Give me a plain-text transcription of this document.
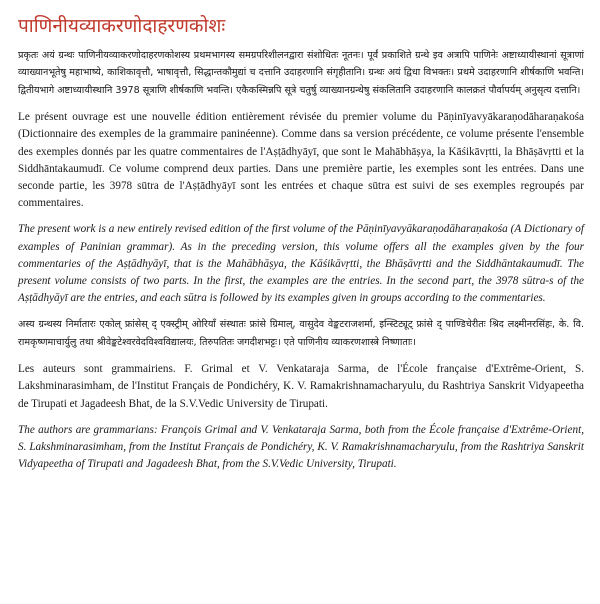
पाणिनीयव्याकरणोदाहरणकोशः

प्रकृतः अयं ग्रन्थः पाणिनीयव्याकरणोदाहरणकोशस्य प्रथमभागस्य समग्रपरिशीलनद्वारा संशोधितः नूतनः। पूर्वं प्रकाशिते ग्रन्थे इव अत्रापि पाणिनेः अष्टाध्यायीस्थानां सूत्राणां व्याख्यानभूतेषु महाभाष्ये, काशिकावृत्तौ, भाषावृत्तौ, सिद्धान्तकौमुद्यां च दत्तानि उदाहरणानि संगृहीतानि। ग्रन्थः अयं द्विधा विभक्तः। प्रथमे उदाहरणानि शीर्षकाणि भवन्ति। द्वितीयभागे अष्टाध्यायीस्थानि 3978 सूत्राणि शीर्षकाणि भवन्ति। एकैकस्मिन्नपि सूत्रे चतुर्षु व्याख्यानग्रन्थेषु संकलितानि उदाहरणानि कालक्रतं पौर्वापर्यम् अनुसृत्य दत्तानि।

Le présent ouvrage est une nouvelle édition entièrement révisée du premier volume du Pāṇinīyavyākaraṇodāharaṇakośa (Dictionnaire des exemples de la grammaire paninéenne). Comme dans sa version précédente, ce volume présente l'ensemble des exemples donnés par les quatre commentaires de l'Aṣṭādhyāyī, que sont le Mahābhāṣya, la Kāśikāvṛtti, la Bhāṣāvṛtti et la Siddhāntakaumudī. Ce volume comprend deux parties. Dans une première partie, les exemples sont les entrées. Dans une seconde partie, les 3978 sūtra de l'Aṣṭādhyāyī sont les entrées et chaque sūtra est suivi de ses exemples regroupés par commentaires.

The present work is a new entirely revised edition of the first volume of the Pāṇinīyavyākaraṇodāharaṇakośa (A Dictionary of examples of Paninian grammar). As in the preceding version, this volume offers all the examples given by the four commentaries of the Aṣṭādhyāyī, that is the Mahābhāṣya, the Kāśikāvṛtti, the Bhāṣāvṛtti and the Siddhāntakaumudī. The present volume consists of two parts. In the first, the examples are the entries. In the second part, the 3978 sūtra-s of the Aṣṭādhyāyī are the entries, and each sūtra is followed by its examples given in groups according to the commentaries.

अस्य ग्रन्थस्य निर्मातारः एकोल् फ्रांसेस् द् एक्स्ट्रीम् ओरियाँ संस्थातः फ्रांसे ग्रिमाल्, वासुदेव वेङ्कटराजशर्मा, इन्स्टिट्यूट् फ्रांसे द् पाण्डिचेरीतः श्रिद लक्ष्मीनरसिंहः, के. वि. रामकृष्णमाचार्युलु तथा श्रीवेङ्कटेश्वरवेदविश्वविद्यालयः, तिरुपतितः जगदीशभट्टः। एते पाणिनीय व्याकरणशास्त्रे निष्णाताः।

Les auteurs sont grammairiens. F. Grimal et V. Venkataraja Sarma, de l'École française d'Extrême-Orient, S. Lakshminarasimham, de l'Institut Français de Pondichéry, K. V. Ramakrishnamacharyulu, du Rashtriya Sanskrit Vidyapeetha de Tirupati et Jagadeesh Bhat, de la S.V.Vedic University de Tirupati.

The authors are grammarians: François Grimal and V. Venkataraja Sarma, both from the École française d'Extrême-Orient, S. Lakshminarasimham, from the Institut Français de Pondichéry, K. V. Ramakrishnamacharyulu, from the Rashtriya Sanskrit Vidyapeetha of Tirupati and Jagadeesh Bhat, from the S.V.Vedic University, Tirupati.
